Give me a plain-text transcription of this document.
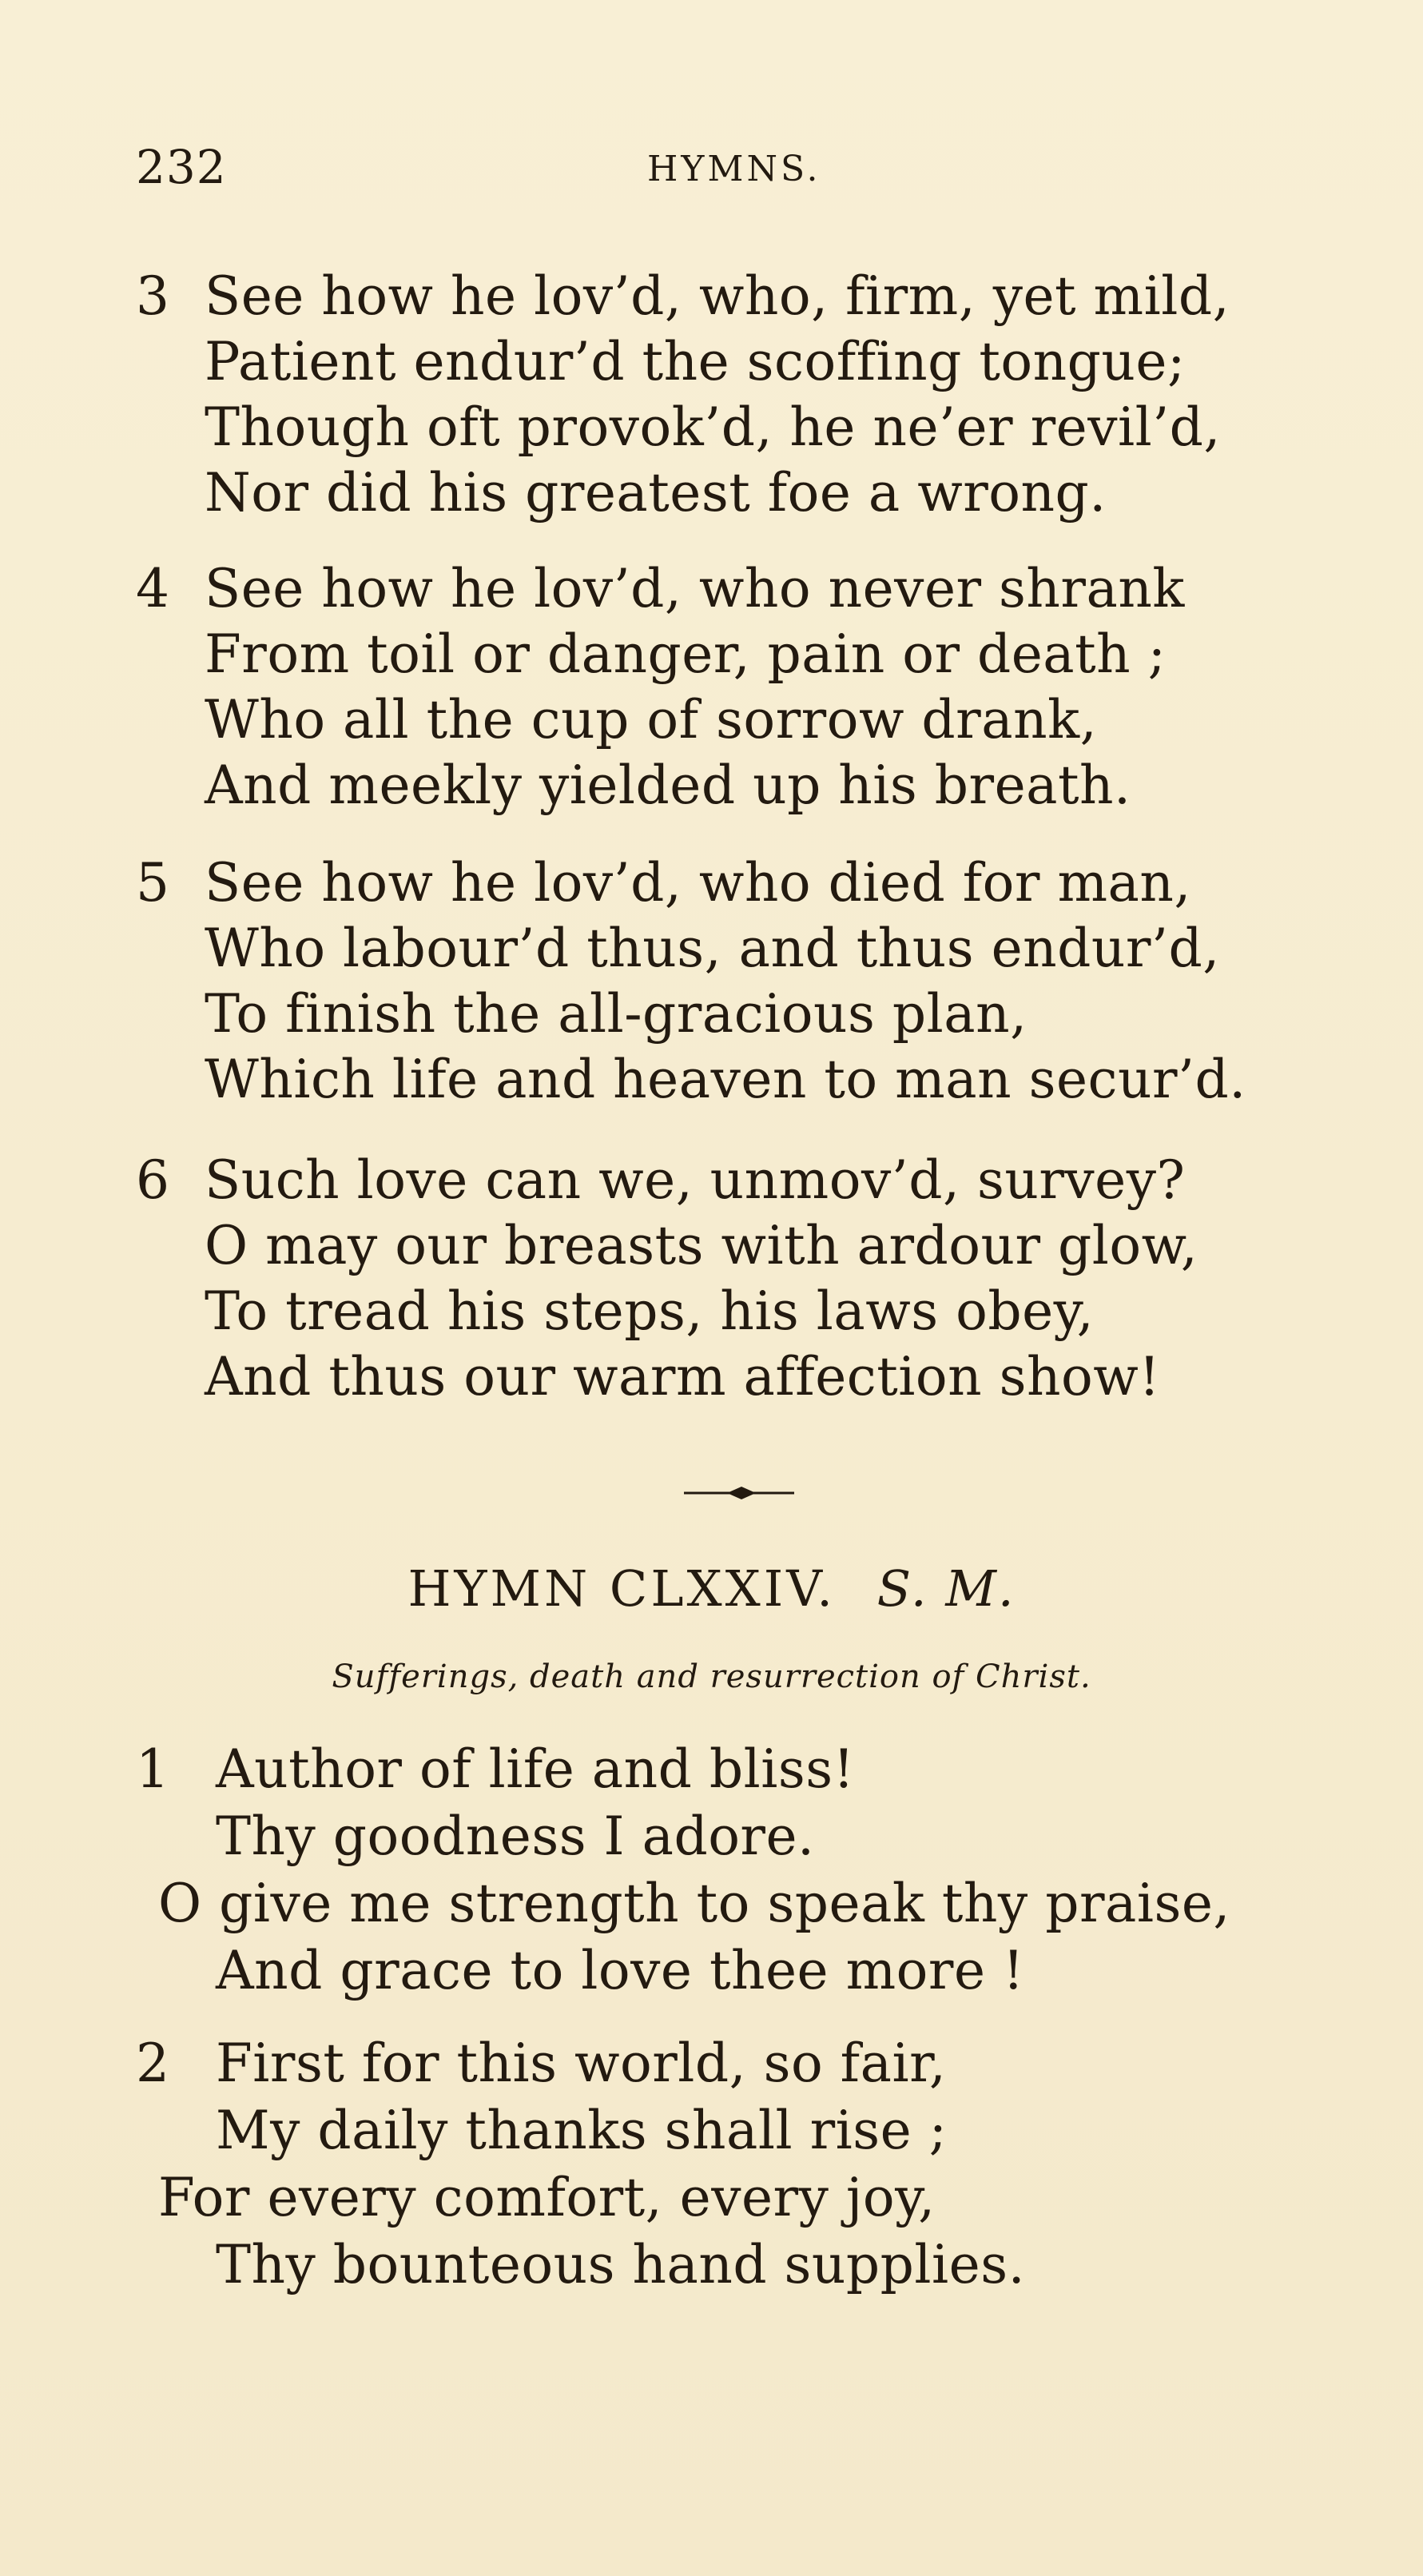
232	HYMNS.
3 See how he lov’d, who, firm, yet mild,
Patient endur’d the scoffing tongue;
Though oft provok’d, he ne’er revil’d,
Nor did his greatest foe a wrong.
4 See how he lov’d, who never shrank
From toil or danger, pain or death ;
Who all the cup of sorrow drank,
And meekly yielded up his breath.
5 See how he lov’d, who died for man,
Who labour’d thus, and thus endur’d,
To finish the all-gracious plan,
Which life and heaven to man secur’d.
6 Such love can we, unmov’d, survey?
O may our breasts with ardour glow,
To tread his steps, his laws obey,
And thus our warm affection show!
HYMN CLXXIV. S. M.
Sufferings, death and resurrection of Christ.
1 Author of life and bliss!
Thy goodness I adore.
O give me strength to speak thy praise,
And grace to love thee more !
2 First for this world, so fair,
My daily thanks shall rise ;
For every comfort, every joy,
Thy bounteous hand supplies.
